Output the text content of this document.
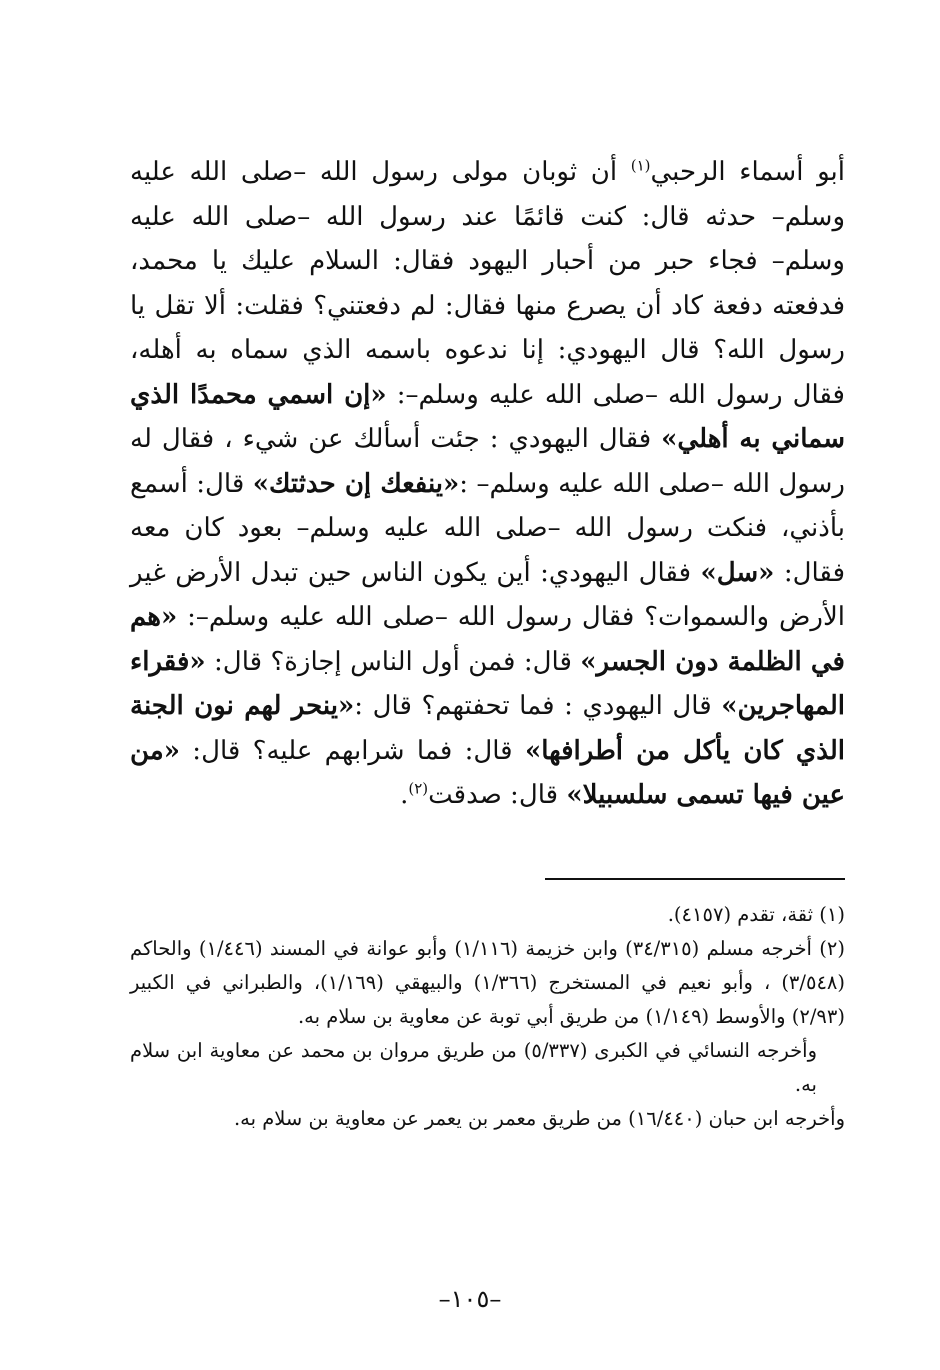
أبو أسماء الرحبي$^{(١)}$ أن ثوبان مولى رسول الله –صلى الله عليه وسلم– حدثه قال: كنت قائمًا عند رسول الله –صلى الله عليه وسلم– فجاء حبر من أحبار اليهود فقال: السلام عليك يا محمد، فدفعته دفعة كاد أن يصرع منها فقال: لم دفعتني؟ فقلت: ألا تقل يا رسول الله؟ قال اليهودي: إنا ندعوه باسمه الذي سماه به أهله، فقال رسول الله –صلى الله عليه وسلم–: «إن اسمي محمدًا الذي سماني به أهلي» فقال اليهودي : جئت أسألك عن شيء ، فقال له رسول الله –صلى الله عليه وسلم– :«ينفعك إن حدثتك» قال: أسمع بأذني، فنكت رسول الله –صلى الله عليه وسلم– بعود كان معه فقال: «سل» فقال اليهودي: أين يكون الناس حين تبدل الأرض غير الأرض والسموات؟ فقال رسول الله –صلى الله عليه وسلم–: «هم في الظلمة دون الجسر» قال: فمن أول الناس إجازة؟ قال: «فقراء المهاجرين» قال اليهودي : فما تحفتهم؟ قال :«ينحر لهم نون الجنة الذي كان يأكل من أطرافها» قال: فما شرابهم عليه؟ قال: «من عين فيها تسمى سلسبيلا» قال: صدقت$^{(٢)}$.
(١) ثقة، تقدم (٤١٥٧).
(٢) أخرجه مسلم (٣٤/٣١٥) وابن خزيمة (١/١١٦) وأبو عوانة في المسند (١/٤٤٦) والحاكم (٣/٥٤٨) ، وأبو نعيم في المستخرج (١/٣٦٦) والبيهقي (١/١٦٩)، والطبراني في الكبير (٢/٩٣) والأوسط (١/١٤٩) من طريق أبي توبة عن معاوية بن سلام به.
وأخرجه النسائي في الكبرى (٥/٣٣٧) من طريق مروان بن محمد عن معاوية ابن سلام به.
وأخرجه ابن حبان (١٦/٤٤٠) من طريق معمر بن يعمر عن معاوية بن سلام به.
–١٠٥–
